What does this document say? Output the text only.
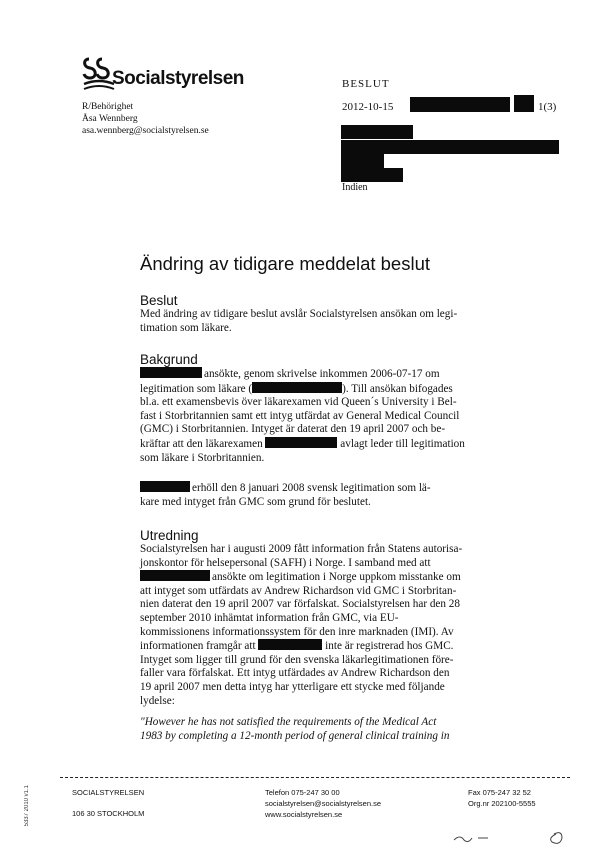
Socialstyrelsen
R/Behörighet
Åsa Wennberg
asa.wennberg@socialstyrelsen.se
BESLUT
2012-10-15	1(3)
Indien
Ändring av tidigare meddelat beslut
Beslut
Med ändring av tidigare beslut avslår Socialstyrelsen ansökan om legi-
timation som läkare.
Bakgrund
ansökte, genom skrivelse inkommen 2006-07-17 om
legitimation som läkare (	). Till ansökan bifogades
bl.a. ett examensbevis över läkarexamen vid Queen´s University i Bel-
fast i Storbritannien samt ett intyg utfärdat av General Medical Council
(GMC) i Storbritannien. Intyget är daterat den 19 april 2007 och be-
kräftar att den läkarexamen	avlagt leder till legitimation
som läkare i Storbritannien.
erhöll den 8 januari 2008 svensk legitimation som lä-
kare med intyget från GMC som grund för beslutet.
Utredning
Socialstyrelsen har i augusti 2009 fått information från Statens autorisa-
jonskontor för helsepersonal (SAFH) i Norge. I samband med att
ansökte om legitimation i Norge uppkom misstanke om
att intyget som utfärdats av Andrew Richardson vid GMC i Storbritan-
nien daterat den 19 april 2007 var förfalskat. Socialstyrelsen har den 28
september 2010 inhämtat information från GMC, via EU-
kommissionens informationssystem för den inre marknaden (IMI). Av
informationen framgår att	inte är registrerad hos GMC.
Intyget som ligger till grund för den svenska läkarlegitimationen före-
faller vara förfalskat. Ett intyg utfärdades av Andrew Richardson den
19 april 2007 men detta intyg har ytterligare ett stycke med följande
lydelse:
"However he has not satisfied the requirements of the Medical Act
1983 by completing a 12-month period of general clinical training in
5337 2010 v1.1	SOCIALSTYRELSEN
106 30 STOCKHOLM
Telefon 075-247 30 00
socialstyrelsen@socialstyrelsen.se
www.socialstyrelsen.se
Fax 075-247 32 52
Org.nr 202100-5555
